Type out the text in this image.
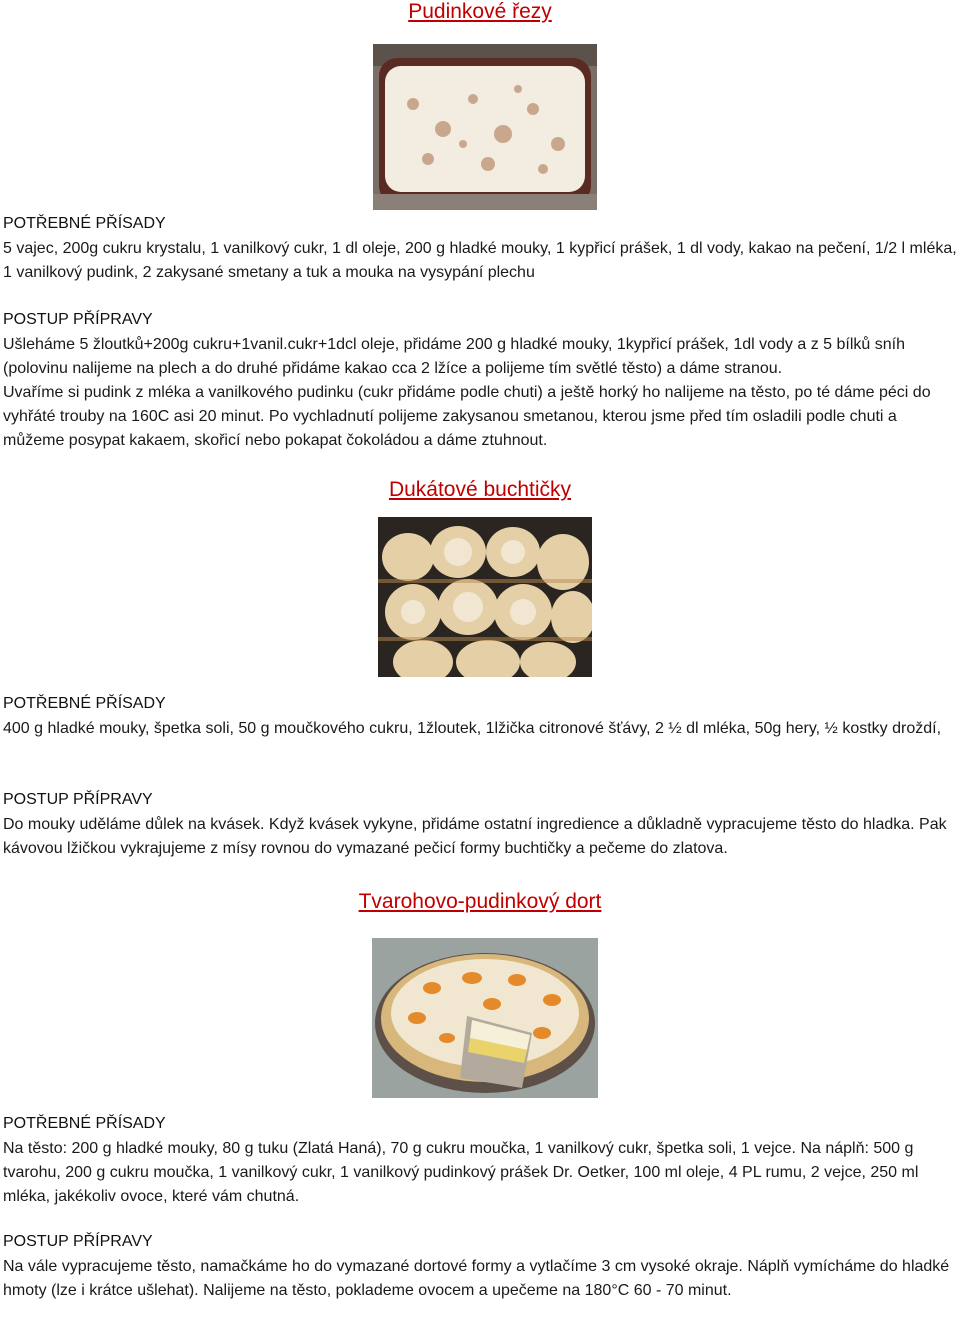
Pudinkové řezy
POTŘEBNÉ PŘÍSADY

5 vajec, 200g cukru krystalu, 1 vanilkový cukr, 1 dl oleje, 200 g hladké mouky, 1 kypřicí prášek, 1 dl vody, kakao na pečení, 1/2 l mléka, 1 vanilkový pudink, 2 zakysané smetany a tuk a mouka na vysypání plechu

POSTUP PŘÍPRAVY

Ušleháme 5 žloutků+200g cukru+1vanil.cukr+1dcl oleje, přidáme 200 g hladké mouky, 1kypřicí prášek, 1dl vody a z 5 bílků sníh (polovinu nalijeme na plech a do druhé přidáme kakao cca 2 lžíce a polijeme tím světlé těsto) a dáme stranou.

Uvaříme si pudink z mléka a vanilkového pudinku (cukr přidáme podle chuti) a ještě horký ho nalijeme na těsto, po té dáme péci do vyhřáté trouby na 160C asi 20 minut. Po vychladnutí polijeme zakysanou smetanou, kterou jsme před tím osladili podle chuti a můžeme posypat kakaem, skořicí nebo pokapat čokoládou a dáme ztuhnout.

Dukátové buchtičky
POTŘEBNÉ PŘÍSADY

400 g hladké mouky, špetka soli, 50 g moučkového cukru, 1žloutek, 1lžička citronové šťávy, 2 ½ dl mléka, 50g hery, ½ kostky droždí,

POSTUP PŘÍPRAVY

Do mouky uděláme důlek na kvásek. Když kvásek vykyne, přidáme ostatní ingredience a důkladně vypracujeme těsto do hladka. Pak kávovou lžičkou vykrajujeme z mísy rovnou do vymazané pečicí formy buchtičky a pečeme do zlatova.

Tvarohovo-pudinkový dort
POTŘEBNÉ PŘÍSADY

Na těsto: 200 g hladké mouky, 80 g tuku (Zlatá Haná), 70 g cukru moučka, 1 vanilkový cukr, špetka soli, 1 vejce. Na náplň: 500 g tvarohu, 200 g cukru moučka, 1 vanilkový cukr, 1 vanilkový pudinkový prášek Dr. Oetker, 100 ml oleje, 4 PL rumu, 2 vejce, 250 ml mléka, jakékoliv ovoce, které vám chutná.

POSTUP PŘÍPRAVY

Na válе vypracujeme těsto, namačkáme ho do vymazané dortové formy a vytlačíme 3 cm vysoké okraje. Náplň vymícháme do hladké hmoty (lze i krátce ušlehat). Nalijeme na těsto, poklademe ovocem a upečeme na 180°C 60 - 70 minut.
